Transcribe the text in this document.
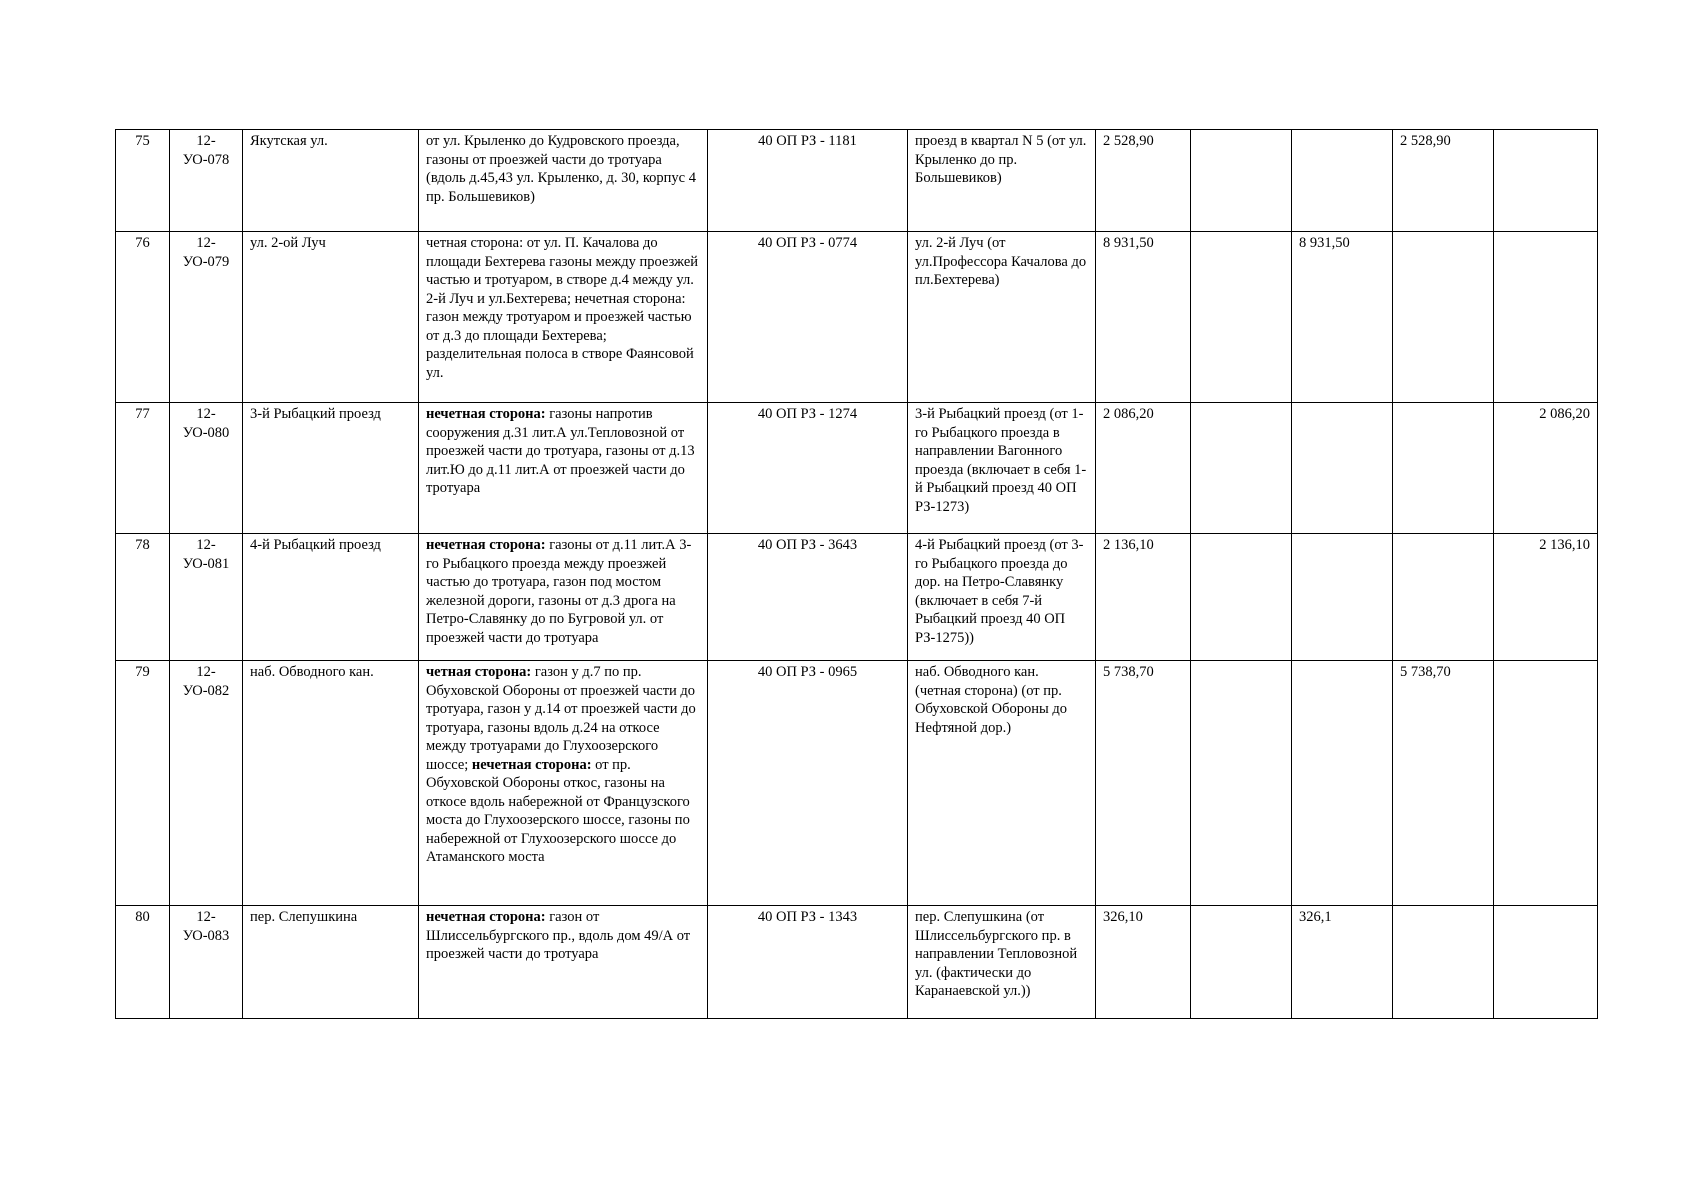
75	12-УО-078	Якутская ул.	от ул. Крыленко до Кудровского проезда, газоны от проезжей части до тротуара (вдоль д.45,43 ул. Крыленко, д. 30, корпус 4 пр. Большевиков)	40 ОП РЗ - 1181	проезд в квартал N 5 (от ул. Крыленко до пр. Большевиков)	2 528,90			2 528,90	
76	12-УО-079	ул. 2-ой Луч	четная сторона: от ул. П. Качалова до площади Бехтерева газоны между проезжей частью и тротуаром, в створе д.4 между ул. 2-й Луч и ул.Бехтерева; нечетная сторона: газон между тротуаром и проезжей частью от д.3 до площади Бехтерева; разделительная полоса в створе Фаянсовой ул.	40 ОП РЗ - 0774	ул. 2-й Луч (от ул.Профессора Качалова до пл.Бехтерева)	8 931,50		8 931,50		
77	12-УО-080	3-й Рыбацкий проезд	нечетная сторона: газоны напротив сооружения д.31 лит.А ул.Тепловозной от проезжей части до тротуара, газоны от д.13 лит.Ю до д.11 лит.А от проезжей части до тротуара	40 ОП РЗ - 1274	3-й Рыбацкий проезд (от 1-го Рыбацкого проезда в направлении Вагонного проезда (включает в себя 1-й Рыбацкий проезд 40 ОП РЗ-1273)	2 086,20				2 086,20
78	12-УО-081	4-й Рыбацкий проезд	нечетная сторона: газоны от д.11 лит.А 3-го Рыбацкого проезда между проезжей частью до тротуара, газон под мостом железной дороги, газоны от д.3 дрога на Петро-Славянку до по Бугровой ул. от проезжей части до тротуара	40 ОП РЗ - 3643	4-й Рыбацкий проезд (от 3-го Рыбацкого проезда до дор. на Петро-Славянку (включает в себя 7-й Рыбацкий проезд 40 ОП РЗ-1275))	2 136,10				2 136,10
79	12-УО-082	наб. Обводного кан.	четная сторона: газон у д.7 по пр. Обуховской Обороны от проезжей части до тротуара, газон у д.14 от проезжей части до тротуара, газоны вдоль д.24 на откосе между тротуарами до Глухоозерского шоссе; нечетная сторона: от пр. Обуховской Обороны откос, газоны на откосе вдоль набережной от Французского моста до Глухоозерского шоссе, газоны по набережной от Глухоозерского шоссе до Атаманского моста	40 ОП РЗ - 0965	наб. Обводного кан. (четная сторона) (от пр. Обуховской Обороны до Нефтяной дор.)	5 738,70			5 738,70	
80	12-УО-083	пер. Слепушкина	нечетная сторона: газон от Шлиссельбургского пр., вдоль дом 49/А от проезжей части до тротуара	40 ОП РЗ - 1343	пер. Слепушкина (от Шлиссельбургского пр. в направлении Тепловозной ул. (фактически до Каранаевской ул.))	326,10		326,1		
